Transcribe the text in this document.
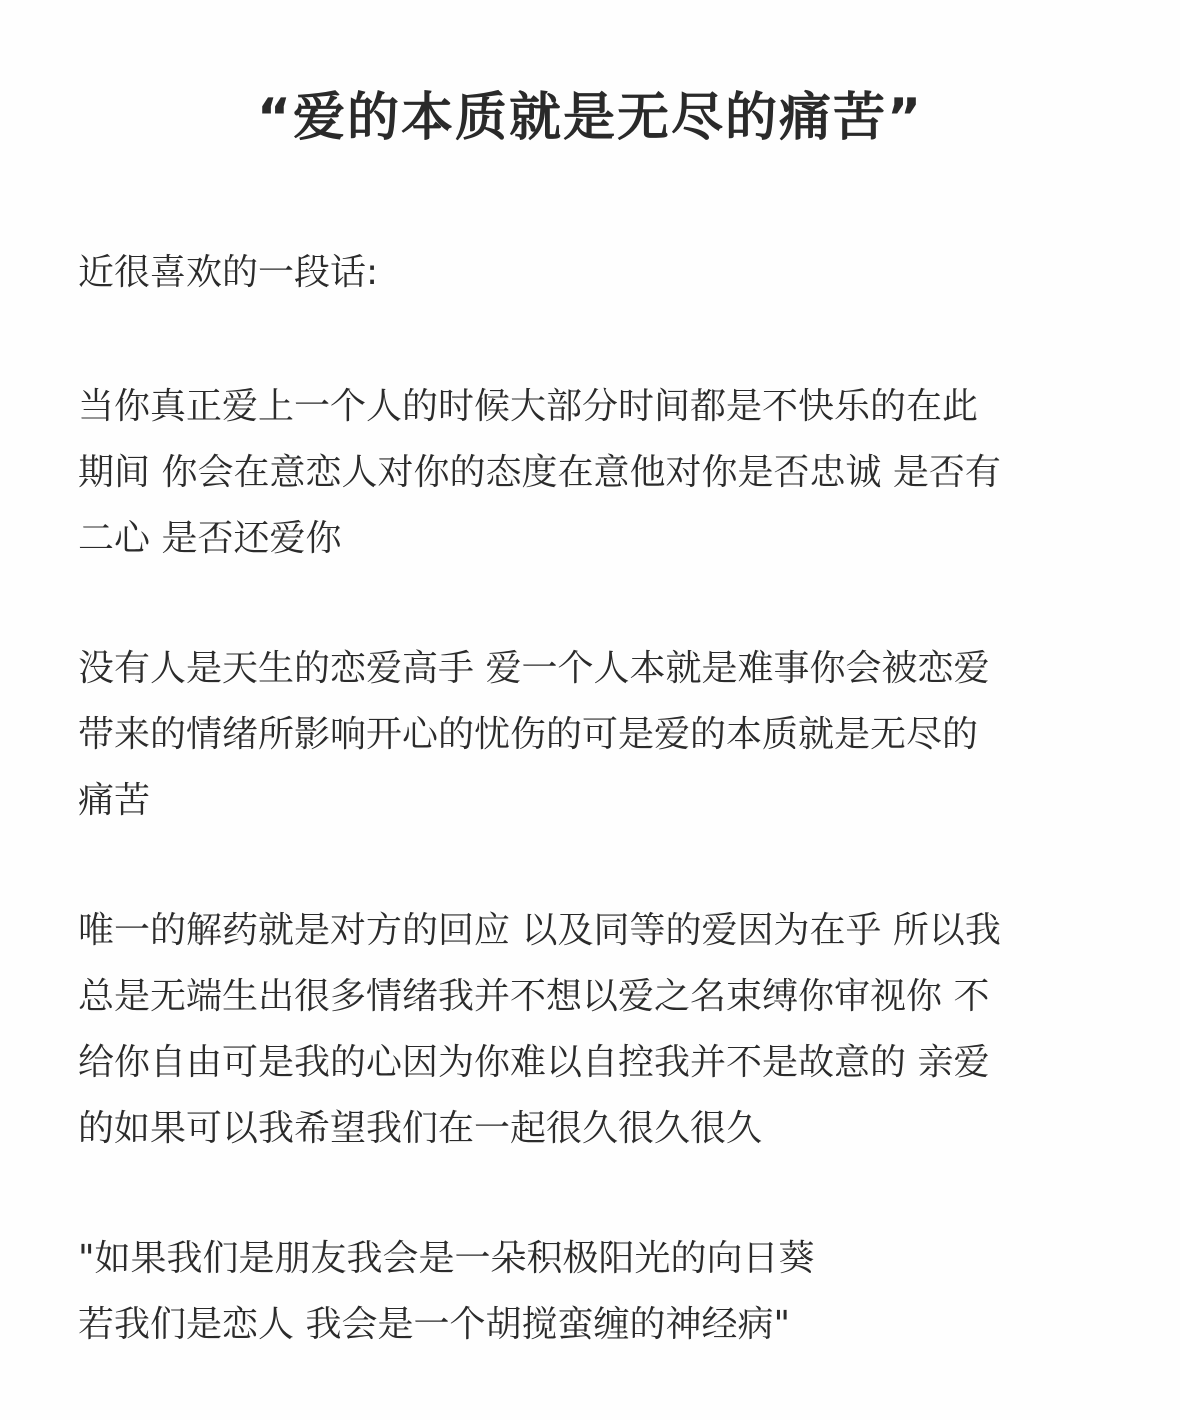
“爱的本质就是无尽的痛苦”

近很喜欢的一段话:

当你真正爱上一个人的时候大部分时间都是不快乐的在此
期间 你会在意恋人对你的态度在意他对你是否忠诚 是否有
二心 是否还爱你
没有人是天生的恋爱高手 爱一个人本就是难事你会被恋爱
带来的情绪所影响开心的忧伤的可是爱的本质就是无尽的
痛苦
唯一的解药就是对方的回应 以及同等的爱因为在乎 所以我
总是无端生出很多情绪我并不想以爱之名束缚你审视你 不
给你自由可是我的心因为你难以自控我并不是故意的 亲爱
的如果可以我希望我们在一起很久很久很久
"如果我们是朋友我会是一朵积极阳光的向日葵
若我们是恋人 我会是一个胡搅蛮缠的神经病"
